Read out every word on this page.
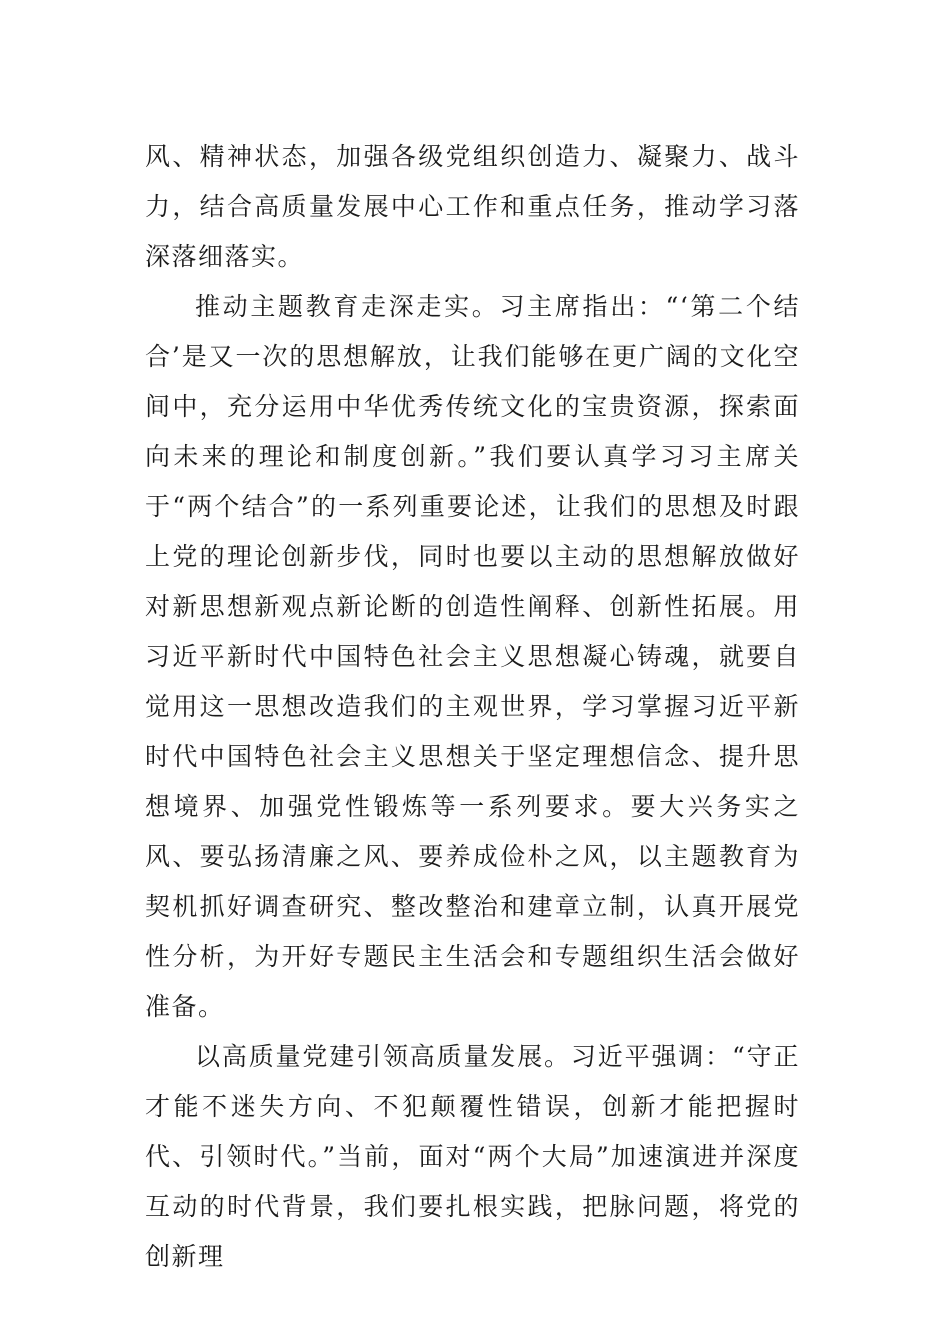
风、精神状态，加强各级党组织创造力、凝聚力、战斗力，结合高质量发展中心工作和重点任务，推动学习落深落细落实。

推动主题教育走深走实。习主席指出：“‘第二个结合’是又一次的思想解放，让我们能够在更广阔的文化空间中，充分运用中华优秀传统文化的宝贵资源，探索面向未来的理论和制度创新。”我们要认真学习习主席关于“两个结合”的一系列重要论述，让我们的思想及时跟上党的理论创新步伐，同时也要以主动的思想解放做好对新思想新观点新论断的创造性阐释、创新性拓展。用习近平新时代中国特色社会主义思想凝心铸魂，就要自觉用这一思想改造我们的主观世界，学习掌握习近平新时代中国特色社会主义思想关于坚定理想信念、提升思想境界、加强党性锻炼等一系列要求。要大兴务实之风、要弘扬清廉之风、要养成俭朴之风，以主题教育为契机抓好调查研究、整改整治和建章立制，认真开展党性分析，为开好专题民主生活会和专题组织生活会做好准备。

以高质量党建引领高质量发展。习近平强调：“守正才能不迷失方向、不犯颠覆性错误，创新才能把握时代、引领时代。”当前，面对“两个大局”加速演进并深度互动的时代背景，我们要扎根实践，把脉问题，将党的创新理
